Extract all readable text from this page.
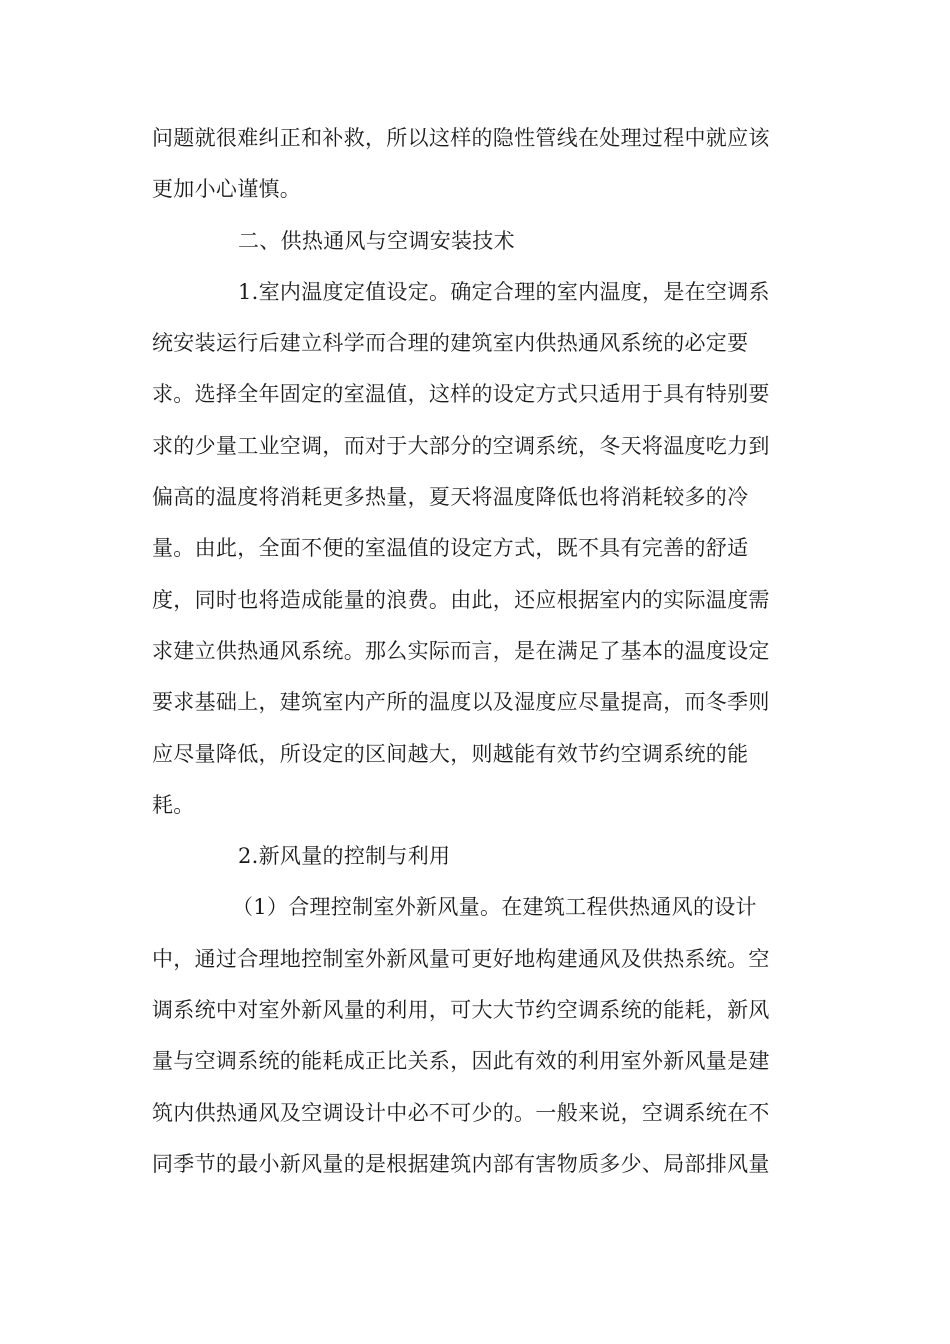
问题就很难纠正和补救，所以这样的隐性管线在处理过程中就应该
更加小心谨慎。
二、供热通风与空调安装技术
1.室内温度定值设定。确定合理的室内温度，是在空调系
统安装运行后建立科学而合理的建筑室内供热通风系统的必定要
求。选择全年固定的室温值，这样的设定方式只适用于具有特别要
求的少量工业空调，而对于大部分的空调系统，冬天将温度吃力到
偏高的温度将消耗更多热量，夏天将温度降低也将消耗较多的冷
量。由此，全面不便的室温值的设定方式，既不具有完善的舒适
度，同时也将造成能量的浪费。由此，还应根据室内的实际温度需
求建立供热通风系统。那么实际而言，是在满足了基本的温度设定
要求基础上，建筑室内产所的温度以及湿度应尽量提高，而冬季则
应尽量降低，所设定的区间越大，则越能有效节约空调系统的能
耗。
2.新风量的控制与利用
（1）合理控制室外新风量。在建筑工程供热通风的设计
中，通过合理地控制室外新风量可更好地构建通风及供热系统。空
调系统中对室外新风量的利用，可大大节约空调系统的能耗，新风
量与空调系统的能耗成正比关系，因此有效的利用室外新风量是建
筑内供热通风及空调设计中必不可少的。一般来说，空调系统在不
同季节的最小新风量的是根据建筑内部有害物质多少、局部排风量
